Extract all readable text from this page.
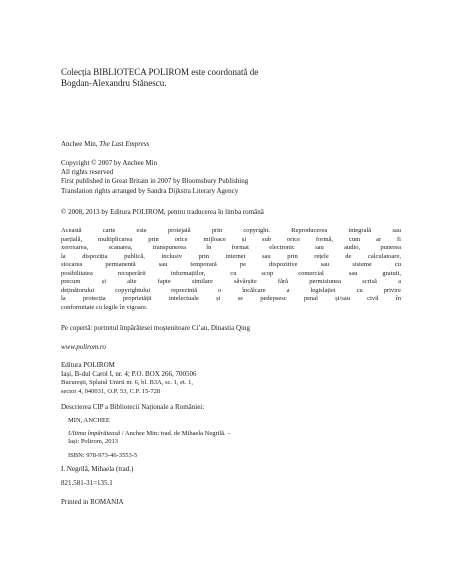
Colecția BIBLIOTECA POLIROM este coordonată de
Bogdan-Alexandru Stănescu.
Anchee Min, The Last Empress
Copyright © 2007 by Anchee Min
All rights reserved
First published in Great Britain in 2007 by Bloomsbury Publishing
Translation rights arranged by Sandra Dijkstra Literary Agency
© 2008, 2013 by Editura POLIROM, pentru traducerea în limba română
Această carte este protejată prin copyright. Reproducerea integrală sau
parțială, multiplicarea prin orice mijloace și sub orice formă, cum ar fi
xeroxarea, scanarea, transpunerea în format electronic sau audio, punerea
la dispoziția publică, inclusiv prin internet sau prin rețele de calculatoare,
stocarea permanentă sau temporară pe dispozitive sau sisteme cu
posibilitatea recuperării informațiilor, cu scop comercial sau gratuit,
precum și alte fapte similare săvârșite fără permisiunea scrisă a
deținătorului copyrightului reprezintă o încălcare a legislației cu privire
la protecția proprietății intelectuale și se pedepsesc penal și/sau civil în
conformitate cu legile în vigoare.
Pe copertă: portretul împărătesei moștenitoare Ci’an, Dinastia Qing
www.polirom.ro
Editura POLIROM
Iași, B-dul Carol I, nr. 4; P.O. BOX 266, 700506
București, Splaiul Unirii nr. 6, bl. B3A, sc. 1, et. 1,
sector 4, 040031, O.P. 53, C.P. 15-728
Descrierea CIP a Bibliotecii Naționale a României:
MIN, ANCHEE
Ultima împărăteasă / Anchee Min; trad. de Mihaela Negrilă. –
Iași: Polirom, 2013
ISBN: 978-973-46-3553-5
I. Negrilă, Mihaela (trad.)
821.581-31=135.1
Printed in ROMANIA
